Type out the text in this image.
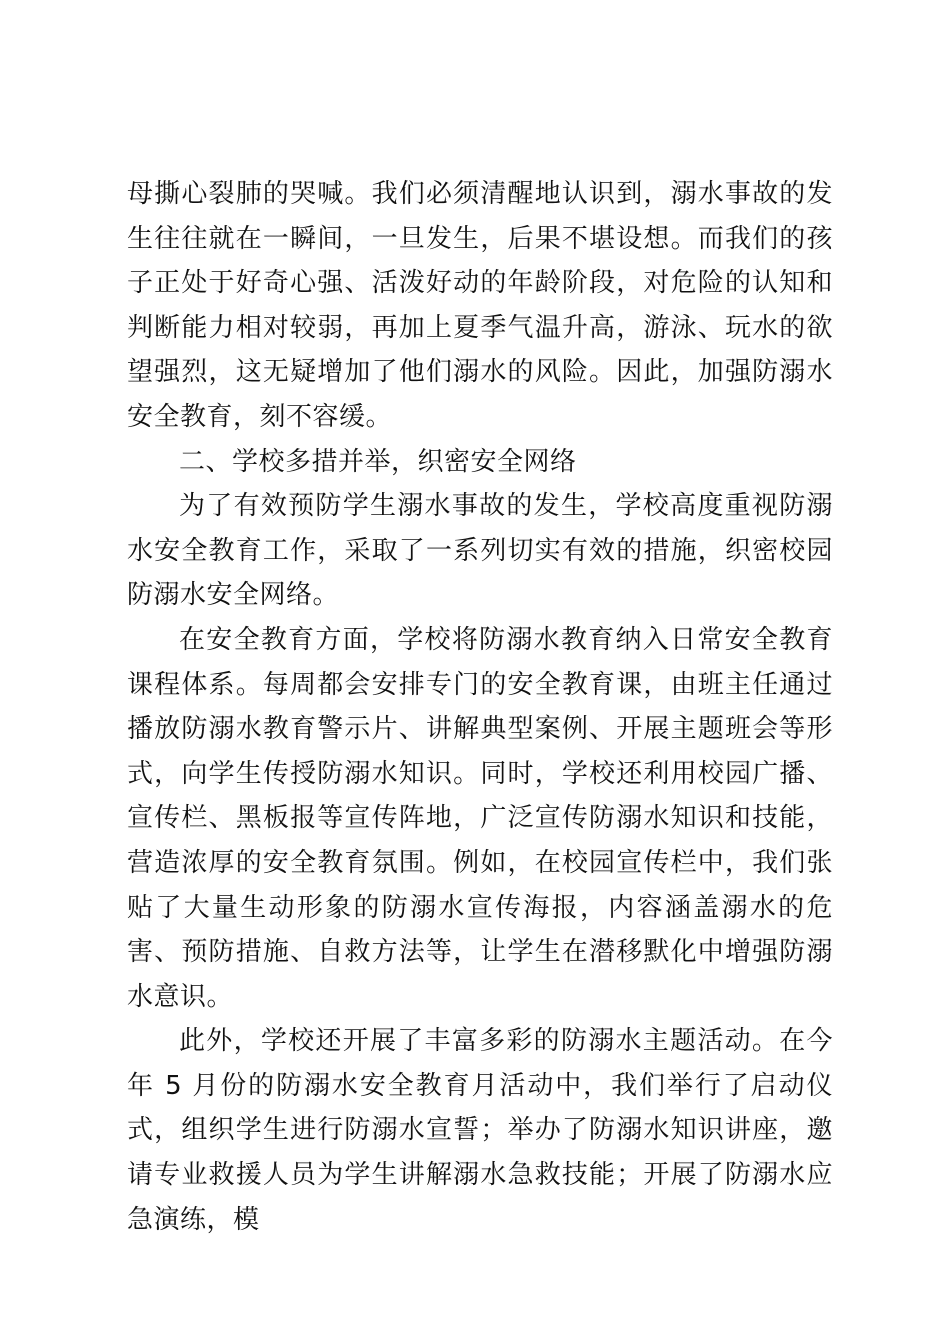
母撕心裂肺的哭喊。我们必须清醒地认识到，溺水事故的发生往往就在一瞬间，一旦发生，后果不堪设想。而我们的孩子正处于好奇心强、活泼好动的年龄阶段，对危险的认知和判断能力相对较弱，再加上夏季气温升高，游泳、玩水的欲望强烈，这无疑增加了他们溺水的风险。因此，加强防溺水安全教育，刻不容缓。

二、学校多措并举，织密安全网络

为了有效预防学生溺水事故的发生，学校高度重视防溺水安全教育工作，采取了一系列切实有效的措施，织密校园防溺水安全网络。

在安全教育方面，学校将防溺水教育纳入日常安全教育课程体系。每周都会安排专门的安全教育课，由班主任通过播放防溺水教育警示片、讲解典型案例、开展主题班会等形式，向学生传授防溺水知识。同时，学校还利用校园广播、宣传栏、黑板报等宣传阵地，广泛宣传防溺水知识和技能，营造浓厚的安全教育氛围。例如，在校园宣传栏中，我们张贴了大量生动形象的防溺水宣传海报，内容涵盖溺水的危害、预防措施、自救方法等，让学生在潜移默化中增强防溺水意识。

此外，学校还开展了丰富多彩的防溺水主题活动。在今年 5 月份的防溺水安全教育月活动中，我们举行了启动仪式，组织学生进行防溺水宣誓；举办了防溺水知识讲座，邀请专业救援人员为学生讲解溺水急救技能；开展了防溺水应急演练，模
